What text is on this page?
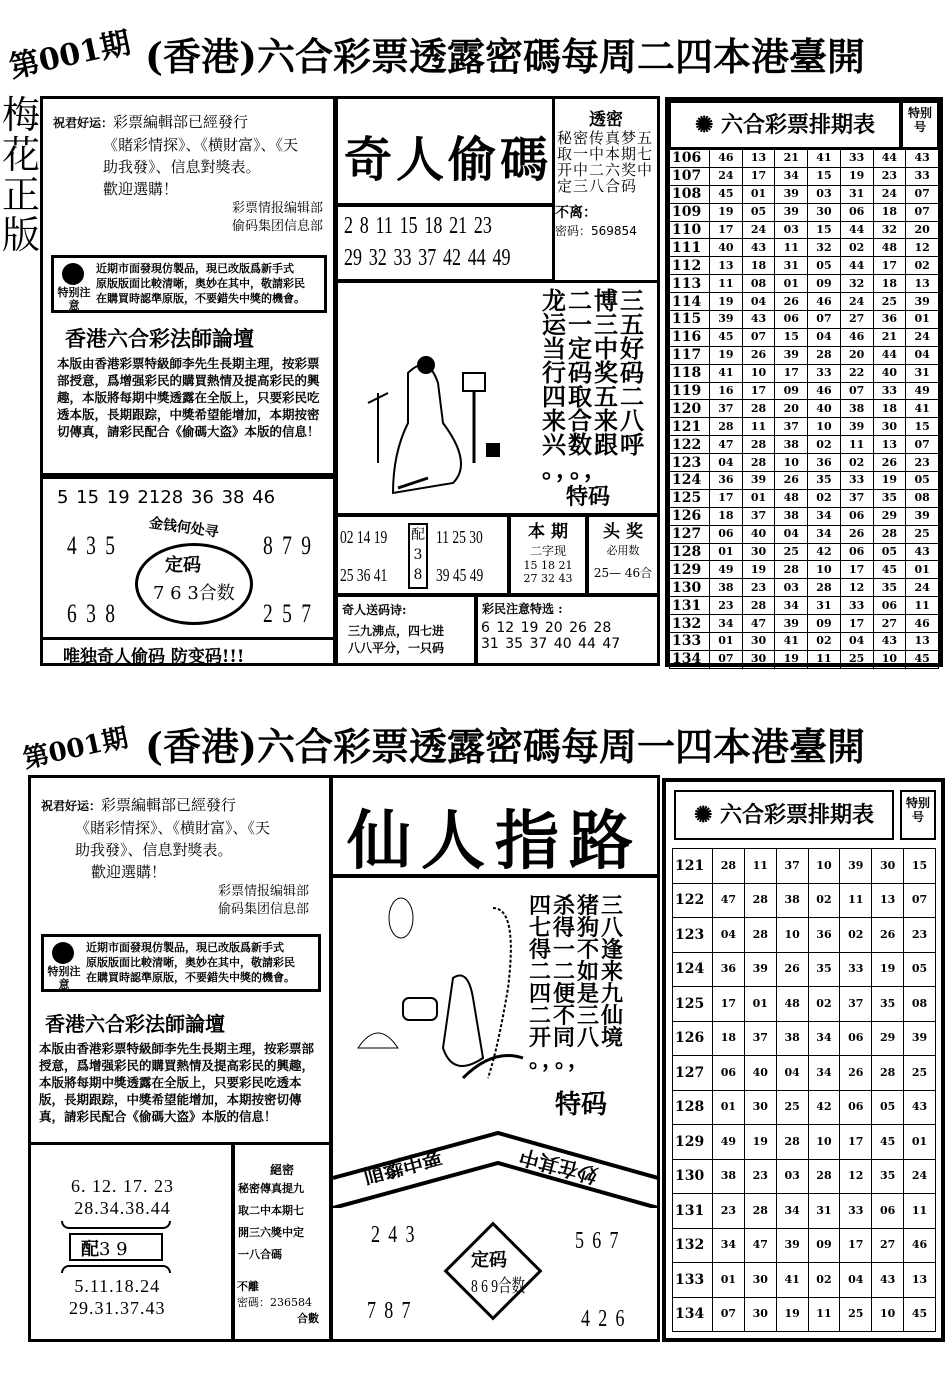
第001期 (香港)六合彩票透露密碼每周二四本港臺開
梅花正版
祝君好运：彩票編輯部已經發行
《賭彩情探》、《横財富》、《天
助我發》、信息對獎表。
歡迎選購！
彩票情报编辑部
偷码集团信息部
特别注意
近期市面發現仿製品，現已改版爲新手式
原版版面比較清晰，奥妙在其中，敬請彩民
在購買時認準原版，不要錯失中獎的機會。
香港六合彩法師論壇
本版由香港彩票特級師李先生長期主理，按彩票部授意，爲增强彩民的購買熱情及提高彩民的興趣，本版將每期中獎透露在全版上，只要彩民吃透本版，長期跟踪，中獎希望能增加，本期按密切傳真，請彩民配合《偷碼大盗》本版的信息！
5 15 19 2128 36 38 46
金钱何处寻
定码
7 6 3合数
4 3 5	8 7 9
6 3 8	2 5 7
唯独奇人偷码 防变码!!!
奇人偷碼
2 8 11 15 18 21 23
29 32 33 37 42 44 49
透密
秘密传真梦五
取一中本期七
开中二六奖中
定三八合码
不离：
密码：569854
龙二博三
运一三五
当定中好
行码奖码
四取五二
来合来八
兴数跟呼
。，。，
特码
02 14 19
25 36 41
配
3
8
11 25 30
39 45 49
本 期
二字现
15 18 21
27 32 43
头 奖
必用数
25— 46合
奇人送码诗:
三九沸点，四七进
八八平分，一只码
彩民注意特选 :
6 12 19 20 26 28
31 35 37 40 44 47
✺ 六合彩票排期表	特别号
106	46	13	21	41	33	44	43
107	24	17	34	15	19	23	33
108	45	01	39	03	31	24	07
109	19	05	39	30	06	18	07
110	17	24	03	15	44	32	20
111	40	43	11	32	02	48	12
112	13	18	31	05	44	17	02
113	11	08	01	09	32	18	13
114	19	04	26	46	24	25	39
115	39	43	06	07	27	36	01
116	45	07	15	04	46	21	24
117	19	26	39	28	20	44	04
118	41	10	17	33	22	40	31
119	16	17	09	46	07	33	49
120	37	28	20	40	38	18	41
121	28	11	37	10	39	30	15
122	47	28	38	02	11	13	07
123	04	28	10	36	02	26	23
124	36	39	26	35	33	19	05
125	17	01	48	02	37	35	08
126	18	37	38	34	06	29	39
127	06	40	04	34	26	28	25
128	01	30	25	42	06	05	43
129	49	19	28	10	17	45	01
130	38	23	03	28	12	35	24
131	23	28	34	31	33	06	11
132	34	47	39	09	17	27	46
133	01	30	41	02	04	43	13
134	07	30	19	11	25	10	45
第001期 (香港)六合彩票透露密碼每周一四本港臺開
祝君好运：彩票編輯部已經發行
《賭彩情探》、《横財富》、《天
助我發》、信息對獎表。
歡迎選購！
彩票情报编辑部
偷码集团信息部
特别注意
近期市面發現仿製品，現已改版爲新手式
原版版面比較清晰，奥妙在其中，敬請彩民
在購買時認準原版，不要錯失中獎的機會。
香港六合彩法師論壇
本版由香港彩票特級師李先生長期主理，按彩票部授意，爲增强彩民的購買熱情及提高彩民的興趣，本版將每期中獎透露在全版上，只要彩民吃透本版，長期跟踪，中獎希望能增加，本期按密切傳真，請彩民配合《偷碼大盗》本版的信息！
6. 12. 17. 23
28.34.38.44
配3 9
5.11.18.24
29.31.37.43
絕密
秘密傳真提九
取二中本期七
開三六獎中定
一八合碼
不離
密碼：236584
合數
仙人指路
四杀猪三
七得狗八
得一不逢
二二如来
四便是九
二不三仙
开同八境
。，。，
特码
要中獎則	妙在其中
定码
8 6 9合数
2 4 3	5 6 7
7 8 7	4 2 6
✺ 六合彩票排期表	特别号
121	28	11	37	10	39	30	15
122	47	28	38	02	11	13	07
123	04	28	10	36	02	26	23
124	36	39	26	35	33	19	05
125	17	01	48	02	37	35	08
126	18	37	38	34	06	29	39
127	06	40	04	34	26	28	25
128	01	30	25	42	06	05	43
129	49	19	28	10	17	45	01
130	38	23	03	28	12	35	24
131	23	28	34	31	33	06	11
132	34	47	39	09	17	27	46
133	01	30	41	02	04	43	13
134	07	30	19	11	25	10	45
